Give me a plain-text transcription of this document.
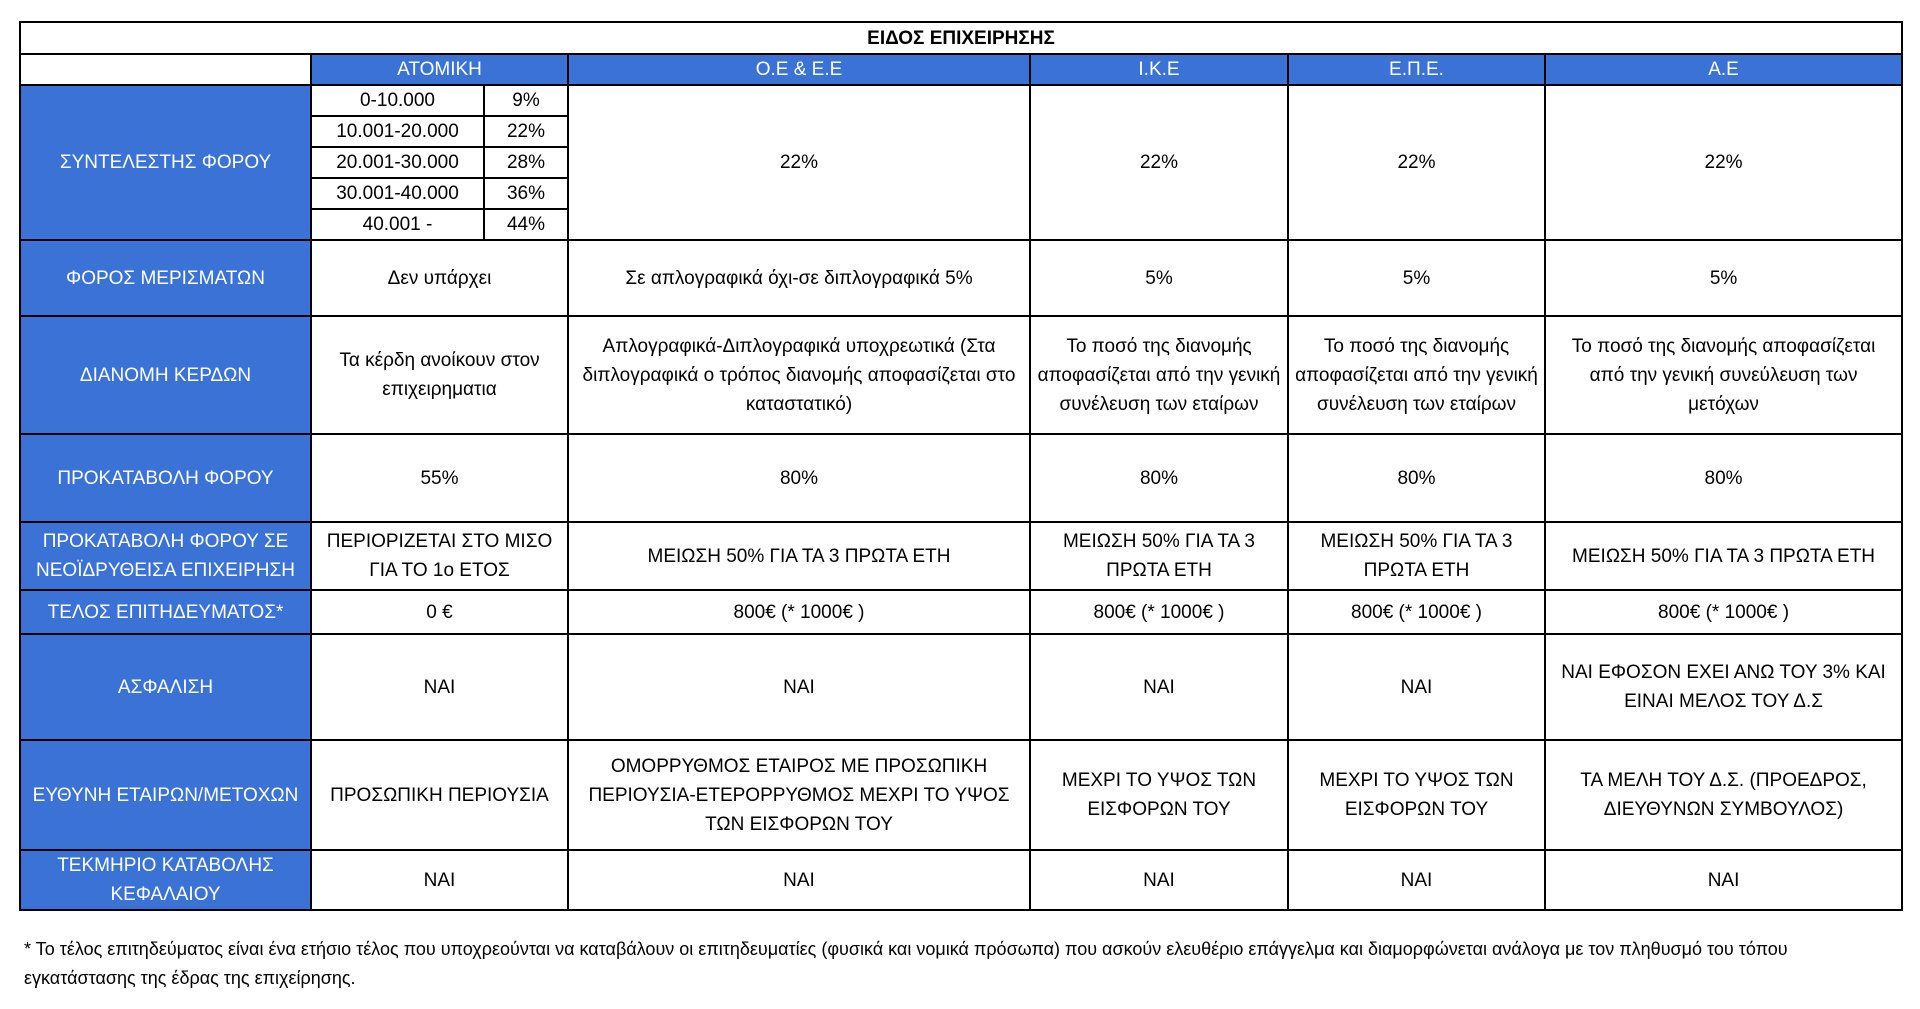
ΕΙΔΟΣ ΕΠΙΧΕΙΡΗΣΗΣ						
	ΑΤΟΜΙΚΗ		Ο.Ε & Ε.Ε	Ι.Κ.Ε	Ε.Π.Ε.	Α.Ε
ΣΥΝΤΕΛΕΣΤΗΣ ΦΟΡΟΥ	0-10.000	9%	22%	22%	22%	22%
	10.001-20.000	22%				
	20.001-30.000	28%				
	30.001-40.000	36%				
	40.001 -	44%				
ΦΟΡΟΣ ΜΕΡΙΣΜΑΤΩΝ	Δεν υπάρχει		Σε απλογραφικά όχι-σε διπλογραφικά 5%	5%	5%	5%
ΔΙΑΝΟΜΗ ΚΕΡΔΩΝ	Τα κέρδη ανοίκουν στον επιχειρηματια		Απλογραφικά-Διπλογραφικά υποχρεωτικά (Στα διπλογραφικά ο τρόπος διανομής αποφασίζεται στο καταστατικό)	Το ποσό της διανομής αποφασίζεται από την γενική συνέλευση των εταίρων	Το ποσό της διανομής αποφασίζεται από την γενική συνέλευση των εταίρων	Το ποσό της διανομής αποφασίζεται από την γενική συνεύλευση των μετόχων
ΠΡΟΚΑΤΑΒΟΛΗ ΦΟΡΟΥ	55%		80%	80%	80%	80%
ΠΡΟΚΑΤΑΒΟΛΗ ΦΟΡΟΥ ΣΕ ΝΕΟΪΔΡΥΘΕΙΣΑ ΕΠΙΧΕΙΡΗΣΗ	ΠΕΡΙΟΡΙΖΕΤΑΙ ΣΤΟ ΜΙΣΟ ΓΙΑ ΤΟ 1ο ΕΤΟΣ		ΜΕΙΩΣΗ 50% ΓΙΑ ΤΑ 3 ΠΡΩΤΑ ΕΤΗ	ΜΕΙΩΣΗ 50% ΓΙΑ ΤΑ 3 ΠΡΩΤΑ ΕΤΗ	ΜΕΙΩΣΗ 50% ΓΙΑ ΤΑ 3 ΠΡΩΤΑ ΕΤΗ	ΜΕΙΩΣΗ 50% ΓΙΑ ΤΑ 3 ΠΡΩΤΑ ΕΤΗ
ΤΕΛΟΣ ΕΠΙΤΗΔΕΥΜΑΤΟΣ*	0 €		800€ (* 1000€ )	800€ (* 1000€ )	800€ (* 1000€ )	800€ (* 1000€ )
ΑΣΦΑΛΙΣΗ	ΝΑΙ		ΝΑΙ	ΝΑΙ	ΝΑΙ	ΝΑΙ ΕΦΟΣΟΝ ΕΧΕΙ ΑΝΩ ΤΟΥ 3% ΚΑΙ ΕΙΝΑΙ ΜΕΛΟΣ ΤΟΥ Δ.Σ
ΕΥΘΥΝΗ ΕΤΑΙΡΩΝ/ΜΕΤΟΧΩΝ	ΠΡΟΣΩΠΙΚΗ ΠΕΡΙΟΥΣΙΑ		ΟΜΟΡΡΥΘΜΟΣ ΕΤΑΙΡΟΣ ΜΕ ΠΡΟΣΩΠΙΚΗ ΠΕΡΙΟΥΣΙΑ-ΕΤΕΡΟΡΡΥΘΜΟΣ ΜΕΧΡΙ ΤΟ ΥΨΟΣ ΤΩΝ ΕΙΣΦΟΡΩΝ ΤΟΥ	ΜΕΧΡΙ ΤΟ ΥΨΟΣ ΤΩΝ ΕΙΣΦΟΡΩΝ ΤΟΥ	ΜΕΧΡΙ ΤΟ ΥΨΟΣ ΤΩΝ ΕΙΣΦΟΡΩΝ ΤΟΥ	ΤΑ ΜΕΛΗ ΤΟΥ Δ.Σ. (ΠΡΟΕΔΡΟΣ, ΔΙΕΥΘΥΝΩΝ ΣΥΜΒΟΥΛΟΣ)
ΤΕΚΜΗΡΙΟ ΚΑΤΑΒΟΛΗΣ ΚΕΦΑΛΑΙΟΥ	ΝΑΙ		ΝΑΙ	ΝΑΙ	ΝΑΙ	ΝΑΙ
* Το τέλος επιτηδεύματος είναι ένα ετήσιο τέλος που υποχρεούνται να καταβάλουν οι επιτηδευματίες (φυσικά και νομικά πρόσωπα) που ασκούν ελευθέριο επάγγελμα και διαμορφώνεται ανάλογα με τον πληθυσμό του τόπου εγκατάστασης της έδρας της επιχείρησης.
